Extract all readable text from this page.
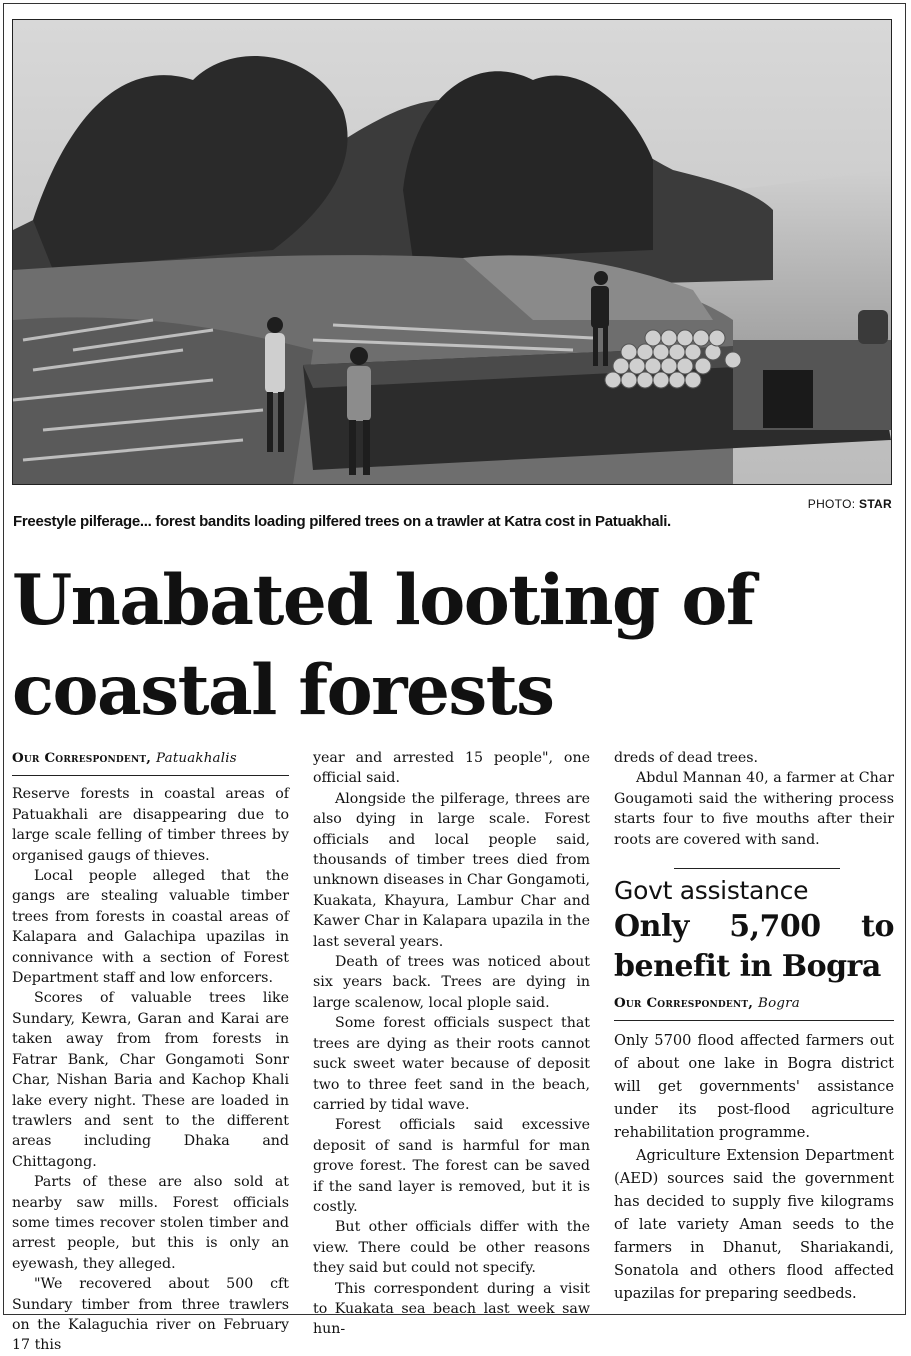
PHOTO: STAR
Freestyle pilferage... forest bandits loading pilfered trees on a trawler at Katra cost in Patuakhali.
Unabated looting of coastal forests
Our Correspondent, Patuakhalis

Reserve forests in coastal areas of Patuakhali are disappearing due to large scale felling of timber threes by organised gaugs of thieves.

Local people alleged that the gangs are stealing valuable timber trees from forests in coastal areas of Kalapara and Galachipa upazilas in connivance with a section of Forest Department staff and low enforcers.

Scores of valuable trees like Sundary, Kewra, Garan and Karai are taken away from from forests in Fatrar Bank, Char Gongamoti Sonr Char, Nishan Baria and Kachop Khali lake every night. These are loaded in trawlers and sent to the different areas including Dhaka and Chittagong.

Parts of these are also sold at nearby saw mills. Forest officials some times recover stolen timber and arrest people, but this is only an eyewash, they alleged.

"We recovered about 500 cft Sundary timber from three trawlers on the Kalaguchia river on February 17 this

year and arrested 15 people", one official said.

Alongside the pilferage, threes are also dying in large scale. Forest officials and local people said, thousands of timber trees died from unknown diseases in Char Gongamoti, Kuakata, Khayura, Lambur Char and Kawer Char in Kalapara upazila in the last several years.

Death of trees was noticed about six years back. Trees are dying in large scalenow, local plople said.

Some forest officials suspect that trees are dying as their roots cannot suck sweet water because of deposit two to three feet sand in the beach, carried by tidal wave.

Forest officials said excessive deposit of sand is harmful for man grove forest. The forest can be saved if the sand layer is removed, but it is costly.

But other officials differ with the view. There could be other reasons they said but could not specify.

This correspondent during a visit to Kuakata sea beach last week saw hun-

dreds of dead trees.

Abdul Mannan 40, a farmer at Char Gougamoti said the withering process starts four to five mouths after their roots are covered with sand.

Govt assistance
Only 5,700 to benefit in Bogra
Our Correspondent, Bogra

Only 5700 flood affected farmers out of about one lake in Bogra district will get governments' assistance under its post-flood agriculture rehabilitation programme.

Agriculture Extension Department (AED) sources said the government has decided to supply five kilograms of late variety Aman seeds to the farmers in Dhanut, Shariakandi, Sonatola and others flood affected upazilas for preparing seedbeds.
